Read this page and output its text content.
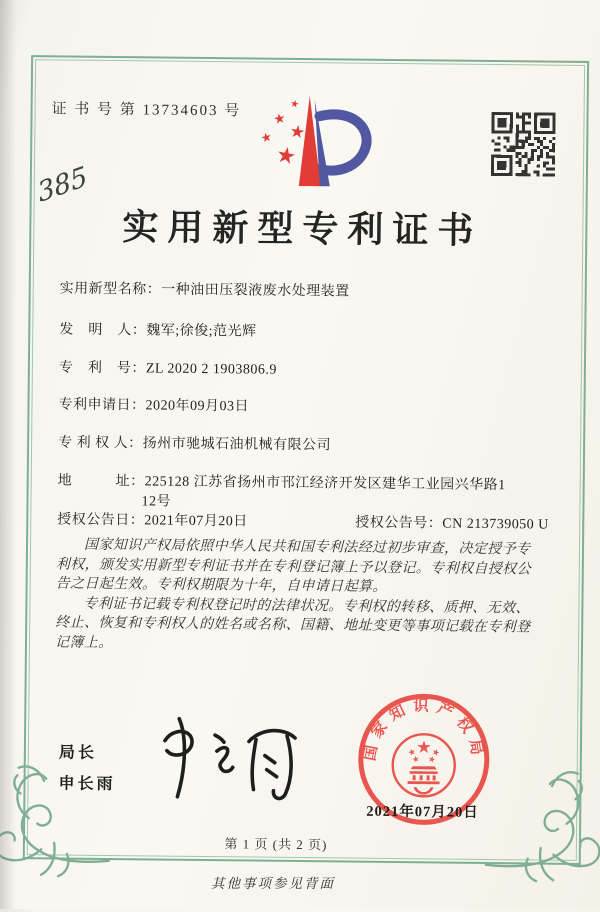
证 书 号 第 13734603 号
385
实用新型专利证书
实用新型名称：一种油田压裂液废水处理装置
发　明　人：魏军;徐俊;范光辉
专　利　号：ZL 2020 2 1903806.9
专利申请日：2020年09月03日
专 利 权 人：扬州市驰城石油机械有限公司
地　　　址：225128 江苏省扬州市邗江经济开发区建华工业园兴华路1
12号
授权公告日：2021年07月20日	授权公告号：CN 213739050 U

国家知识产权局依照中华人民共和国专利法经过初步审查，决定授予专利权，颁发实用新型专利证书并在专利登记簿上予以登记。专利权自授权公告之日起生效。专利权期限为十年，自申请日起算。

专利证书记载专利权登记时的法律状况。专利权的转移、质押、无效、终止、恢复和专利权人的姓名或名称、国籍、地址变更等事项记载在专利登记簿上。

局长
申长雨
国家知识产权局
2021年07月20日
第 1 页 (共 2 页)
其他事项参见背面
